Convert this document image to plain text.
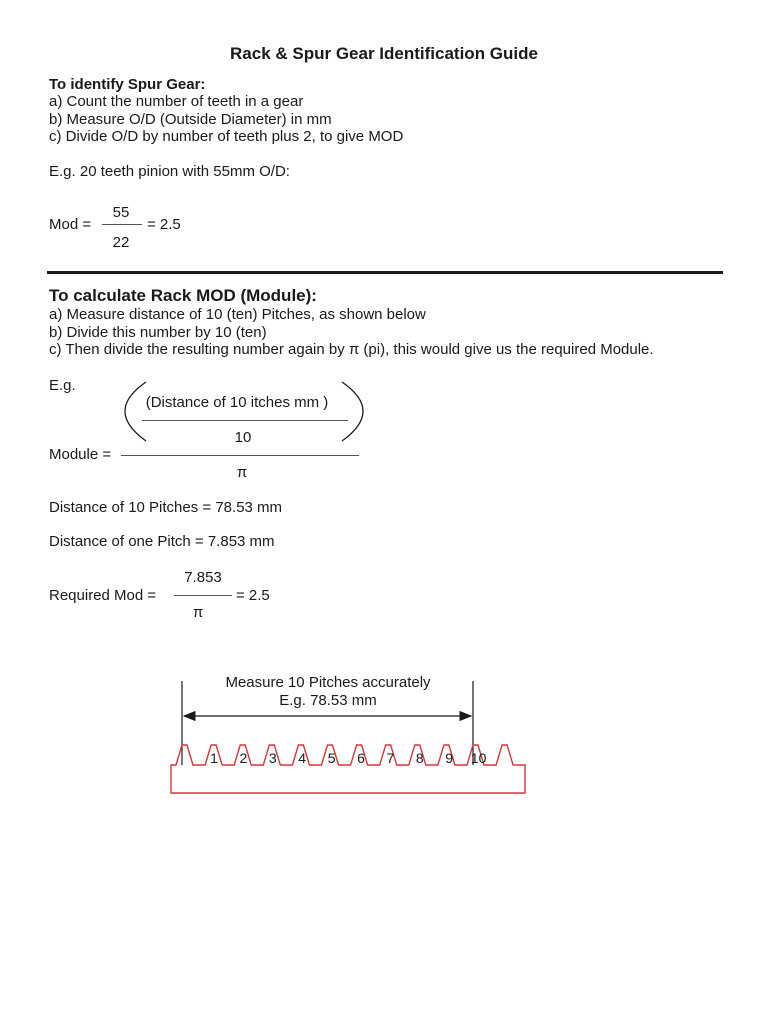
Rack & Spur Gear Identification Guide
To identify Spur Gear:
a) Count the number of teeth in a gear
b) Measure O/D (Outside Diameter) in mm
c) Divide O/D by number of teeth plus 2, to give MOD
E.g. 20 teeth pinion with 55mm O/D:
Mod =
55
22
= 2.5
To calculate Rack MOD (Module):
a) Measure distance of 10 (ten) Pitches, as shown below
b) Divide this number by 10 (ten)
c) Then divide the resulting number again by π (pi), this would give us the required Module.
E.g.
(Distance of 10 itches mm )
10
Module =
π
Distance of 10 Pitches = 78.53 mm
Distance of one Pitch = 7.853 mm
Required Mod =
7.853
π
= 2.5
Measure 10 Pitches accurately
E.g. 78.53 mm
1 2 3 4 5 6 7 8 9 10
